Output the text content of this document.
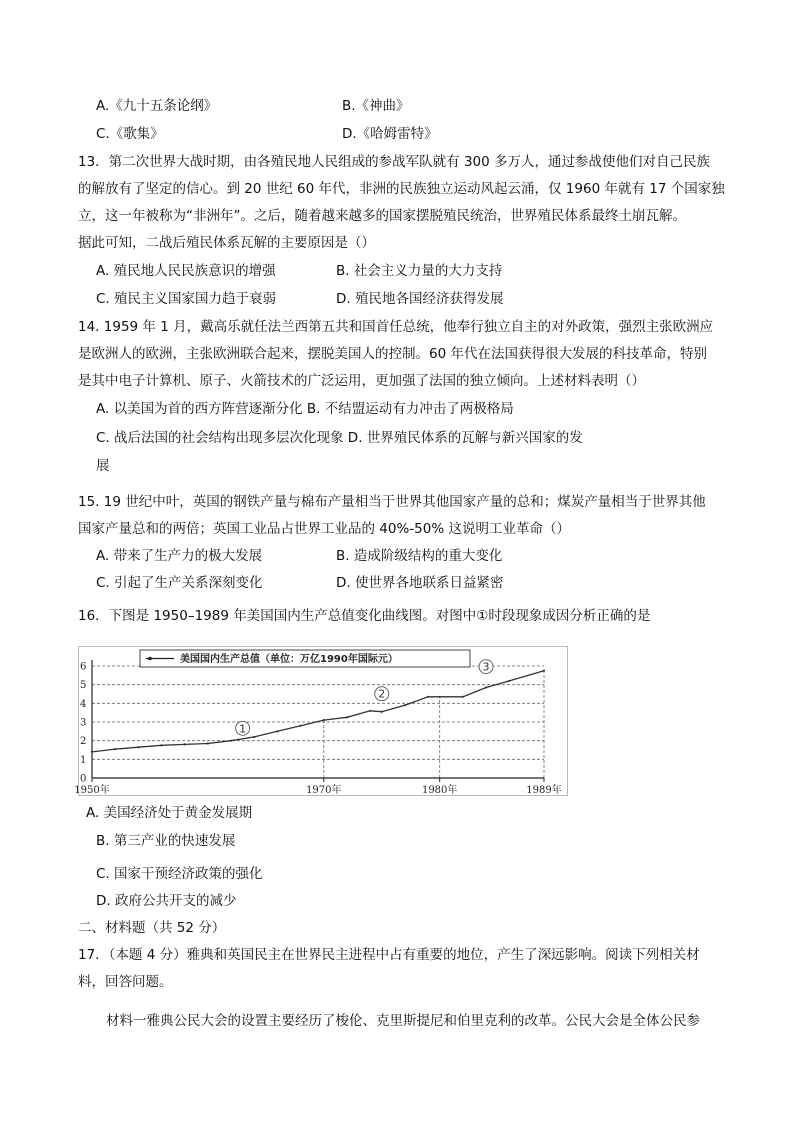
A.《九十五条论纲》	B.《神曲》
C.《歌集》	D.《哈姆雷特》
13．第二次世界大战时期，由各殖民地人民组成的参战军队就有 300 多万人，通过参战使他们对自己民族
的解放有了坚定的信心。到 20 世纪 60 年代，非洲的民族独立运动风起云涌，仅 1960 年就有 17 个国家独
立，这一年被称为“非洲年”。之后，随着越来越多的国家摆脱殖民统治，世界殖民体系最终土崩瓦解。
据此可知，二战后殖民体系瓦解的主要原因是（）
A. 殖民地人民民族意识的增强	B. 社会主义力量的大力支持
C. 殖民主义国家国力趋于衰弱	D. 殖民地各国经济获得发展
14. 1959 年 1 月，戴高乐就任法兰西第五共和国首任总统，他奉行独立自主的对外政策，强烈主张欧洲应
是欧洲人的欧洲，主张欧洲联合起来，摆脱美国人的控制。60 年代在法国获得很大发展的科技革命，特别
是其中电子计算机、原子、火箭技术的广泛运用，更加强了法国的独立倾向。上述材料表明（）
A. 以美国为首的西方阵营逐渐分化 B. 不结盟运动有力冲击了两极格局
C. 战后法国的社会结构出现多层次化现象 D. 世界殖民体系的瓦解与新兴国家的发
展
15. 19 世纪中叶，英国的钢铁产量与棉布产量相当于世界其他国家产量的总和；煤炭产量相当于世界其他
国家产量总和的两倍；英国工业品占世界工业品的 40%-50% 这说明工业革命（）
A. 带来了生产力的极大发展	B. 造成阶级结构的重大变化
C. 引起了生产关系深刻变化	D. 使世界各地联系日益紧密
16．下图是 1950–1989 年美国国内生产总值变化曲线图。对图中①时段现象成因分析正确的是
0
1
2
3
4
5
6
1950年	1970年	1980年	1989年
1
2
3
美国国内生产总值（单位：万亿1990年国际元）
A. 美国经济处于黄金发展期
B. 第三产业的快速发展
C. 国家干预经济政策的强化
D. 政府公共开支的减少
二、材料题（共 52 分）
17．（本题 4 分）雅典和英国民主在世界民主进程中占有重要的地位，产生了深远影响。阅读下列相关材
料，回答问题。
材料一雅典公民大会的设置主要经历了梭伦、克里斯提尼和伯里克利的改革。公民大会是全体公民参
